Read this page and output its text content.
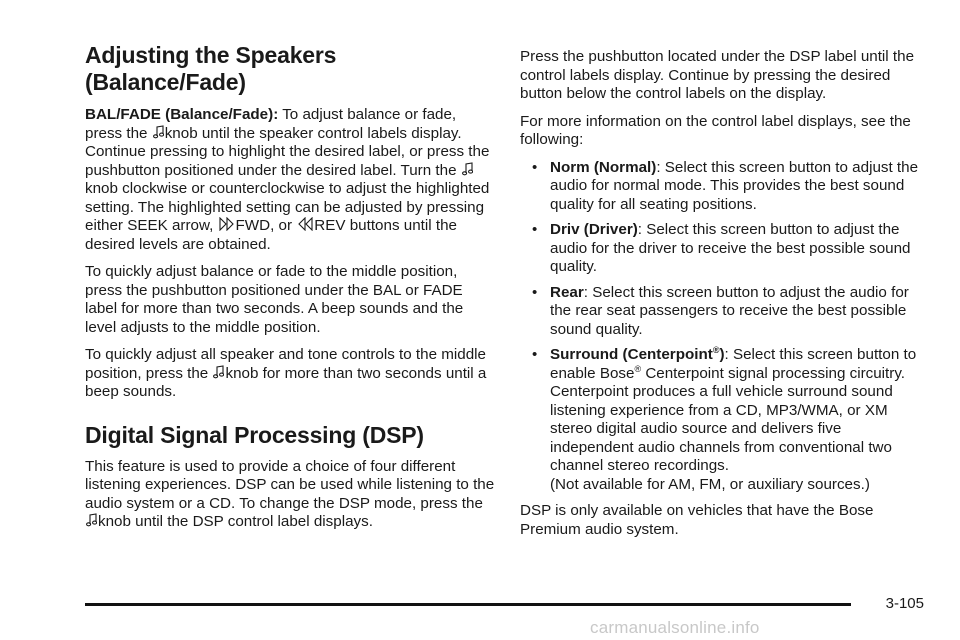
Adjusting the Speakers (Balance/Fade)

BAL/FADE (Balance/Fade): To adjust balance or fade, press the
knob until the speaker control labels display. Continue pressing to highlight the desired label, or press the pushbutton positioned under the desired label. Turn the
knob clockwise or counterclockwise to adjust the highlighted setting. The highlighted setting can be adjusted by pressing either SEEK arrow,
FWD, or
REV buttons until the desired levels are obtained.

To quickly adjust balance or fade to the middle position, press the pushbutton positioned under the BAL or FADE label for more than two seconds. A beep sounds and the level adjusts to the middle position.

To quickly adjust all speaker and tone controls to the middle position, press the
knob for more than two seconds until a beep sounds.

Digital Signal Processing (DSP)

This feature is used to provide a choice of four different listening experiences. DSP can be used while listening to the audio system or a CD. To change the DSP mode, press the
knob until the DSP control label displays.

Press the pushbutton located under the DSP label until the control labels display. Continue by pressing the desired button below the control labels on the display.

For more information on the control label displays, see the following:

• Norm (Normal): Select this screen button to adjust the audio for normal mode. This provides the best sound quality for all seating positions.
• Driv (Driver): Select this screen button to adjust the audio for the driver to receive the best possible sound quality.
• Rear: Select this screen button to adjust the audio for the rear seat passengers to receive the best possible sound quality.
• Surround (Centerpoint®): Select this screen button to enable Bose® Centerpoint signal processing circuitry. Centerpoint produces a full vehicle surround sound listening experience from a CD, MP3/WMA, or XM stereo digital audio source and delivers five independent audio channels from conventional two channel stereo recordings.
(Not available for AM, FM, or auxiliary sources.)

DSP is only available on vehicles that have the Bose Premium audio system.

3-105
carmanualsonline.info
